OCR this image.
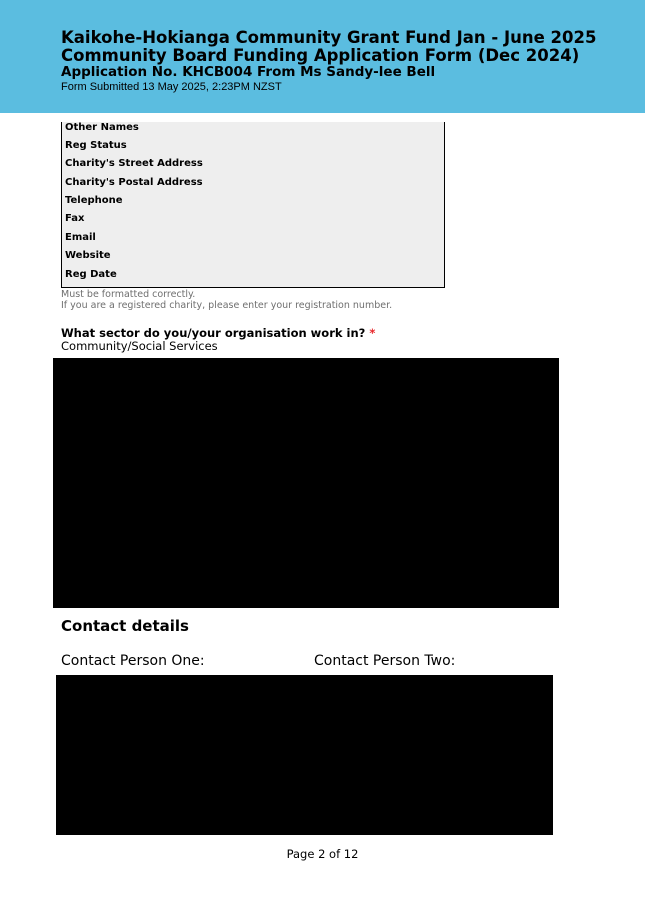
Kaikohe-Hokianga Community Grant Fund Jan - June 2025
Community Board Funding Application Form (Dec 2024)
Application No. KHCB004 From Ms Sandy-lee Bell
Form Submitted 13 May 2025, 2:23PM NZST
Other Names
Reg Status
Charity's Street Address
Charity's Postal Address
Telephone
Fax
Email
Website
Reg Date
Must be formatted correctly.
If you are a registered charity, please enter your registration number.
What sector do you/your organisation work in? *
Community/Social Services
Contact details
Contact Person One:	Contact Person Two:
Page 2 of 12
